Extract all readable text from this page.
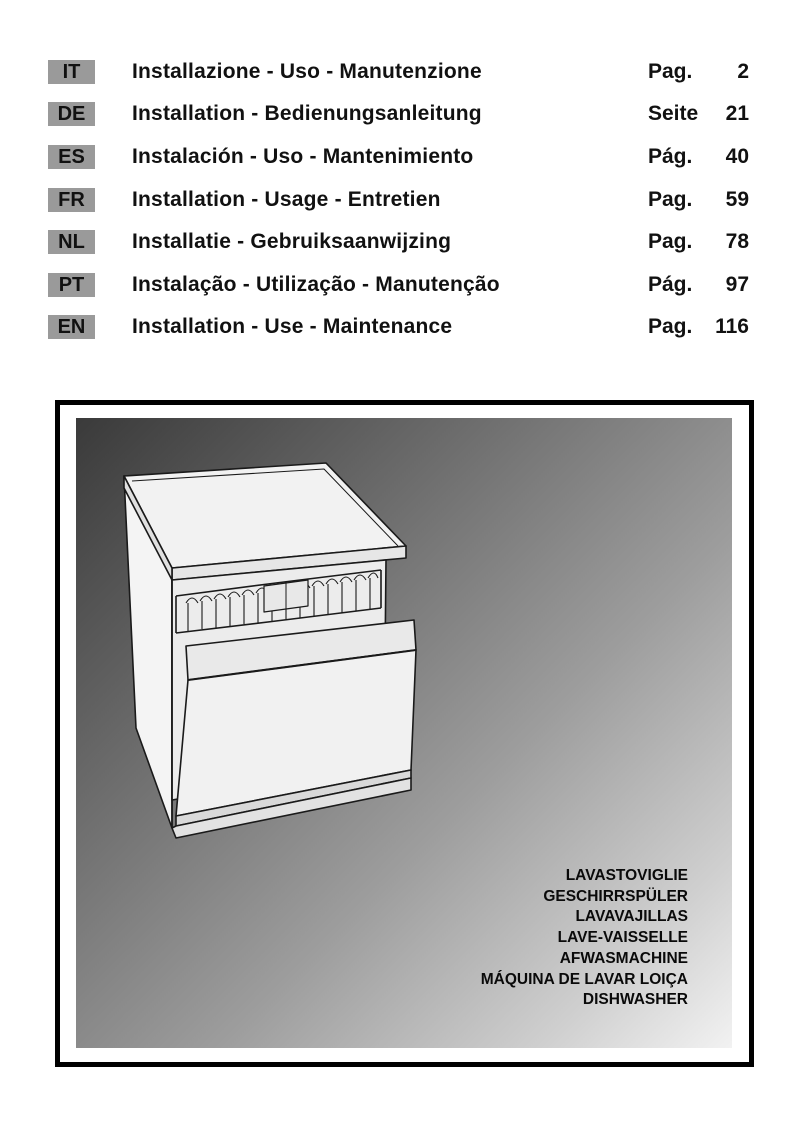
IT	Installazione - Uso - Manutenzione	Pag. 2
DE	Installation - Bedienungsanleitung	Seite 21
ES	Instalación - Uso - Mantenimiento	Pág. 40
FR	Installation - Usage - Entretien	Pag. 59
NL	Installatie - Gebruiksaanwijzing	Pag. 78
PT	Instalação - Utilização - Manutenção	Pág. 97
EN	Installation - Use - Maintenance	Pag. 116
LAVASTOVIGLIE
GESCHIRRSPÜLER
LAVAVAJILLAS
LAVE-VAISSELLE
AFWASMACHINE
MÁQUINA DE LAVAR LOIÇA
DISHWASHER
